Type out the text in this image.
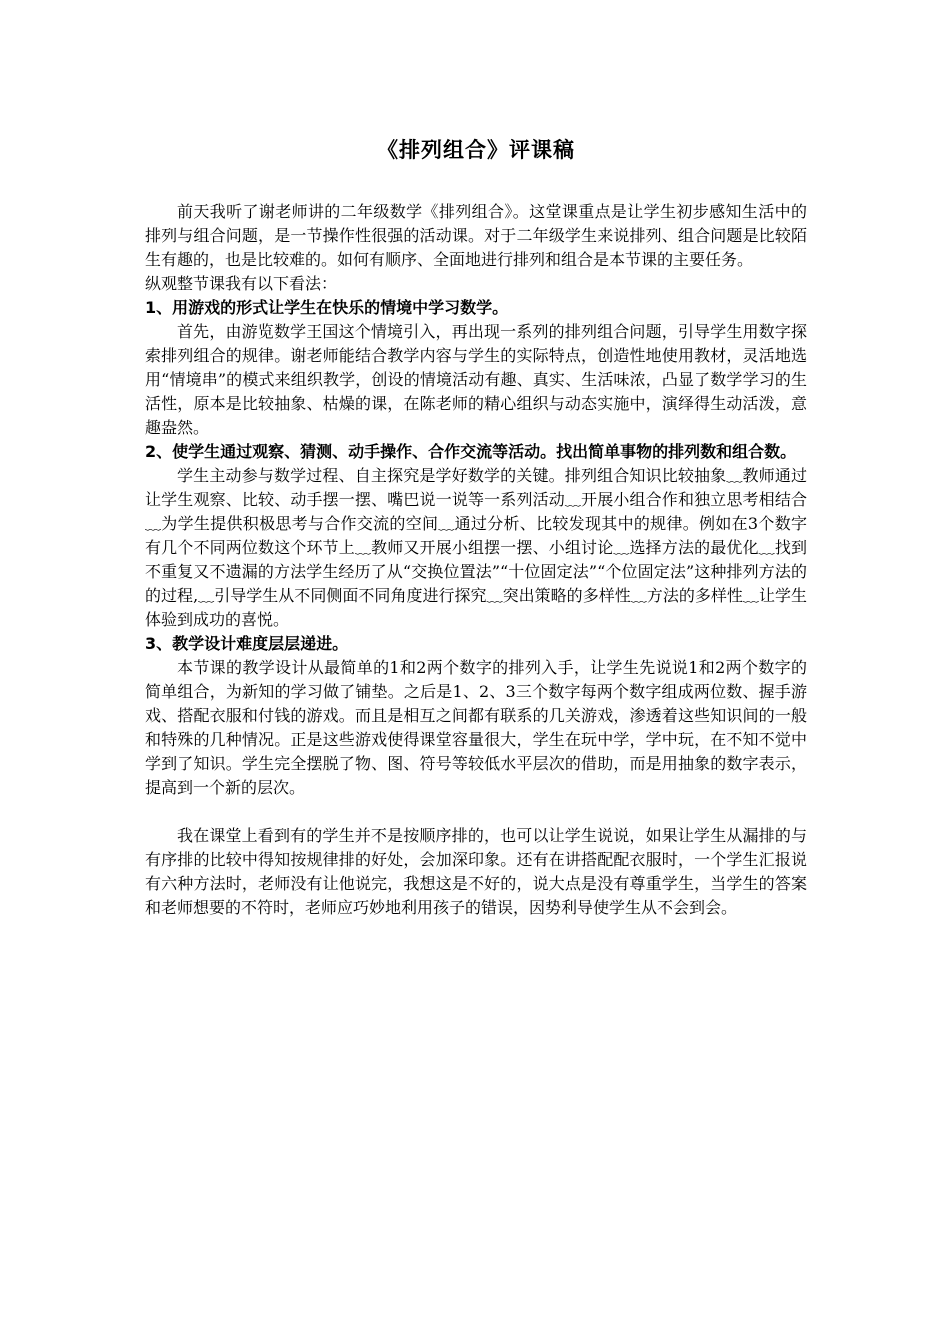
《排列组合》评课稿

前天我听了谢老师讲的二年级数学《排列组合》。这堂课重点是让学生初步感知生活中的排列与组合问题，是一节操作性很强的活动课。对于二年级学生来说排列、组合问题是比较陌生有趣的，也是比较难的。如何有顺序、全面地进行排列和组合是本节课的主要任务。

纵观整节课我有以下看法：

1、用游戏的形式让学生在快乐的情境中学习数学。

首先，由游览数学王国这个情境引入，再出现一系列的排列组合问题，引导学生用数字探索排列组合的规律。谢老师能结合教学内容与学生的实际特点，创造性地使用教材，灵活地选用“情境串”的模式来组织教学，创设的情境活动有趣、真实、生活味浓，凸显了数学学习的生活性，原本是比较抽象、枯燥的课，在陈老师的精心组织与动态实施中，演绎得生动活泼，意趣盎然。

2、使学生通过观察、猜测、动手操作、合作交流等活动。找出简单事物的排列数和组合数。

学生主动参与数学过程、自主探究是学好数学的关键。排列组合知识比较抽象﹏教师通过让学生观察、比较、动手摆一摆、嘴巴说一说等一系列活动﹏开展小组合作和独立思考相结合﹏为学生提供积极思考与合作交流的空间﹏通过分析、比较发现其中的规律。例如在3个数字有几个不同两位数这个环节上﹏教师又开展小组摆一摆、小组讨论﹏选择方法的最优化﹏找到不重复又不遗漏的方法学生经历了从“交换位置法”“十位固定法”“个位固定法”这种排列方法的的过程,﹏引导学生从不同侧面不同角度进行探究﹏突出策略的多样性﹏方法的多样性﹏让学生体验到成功的喜悦。

3、教学设计难度层层递进。

本节课的教学设计从最简单的1和2两个数字的排列入手，让学生先说说1和2两个数字的简单组合，为新知的学习做了铺垫。之后是1、2、3三个数字每两个数字组成两位数、握手游戏、搭配衣服和付钱的游戏。而且是相互之间都有联系的几关游戏，渗透着这些知识间的一般和特殊的几种情况。正是这些游戏使得课堂容量很大，学生在玩中学，学中玩，在不知不觉中学到了知识。学生完全摆脱了物、图、符号等较低水平层次的借助，而是用抽象的数字表示，提高到一个新的层次。

我在课堂上看到有的学生并不是按顺序排的，也可以让学生说说，如果让学生从漏排的与有序排的比较中得知按规律排的好处，会加深印象。还有在讲搭配配衣服时，一个学生汇报说有六种方法时，老师没有让他说完，我想这是不好的，说大点是没有尊重学生，当学生的答案和老师想要的不符时，老师应巧妙地利用孩子的错误，因势利导使学生从不会到会。
